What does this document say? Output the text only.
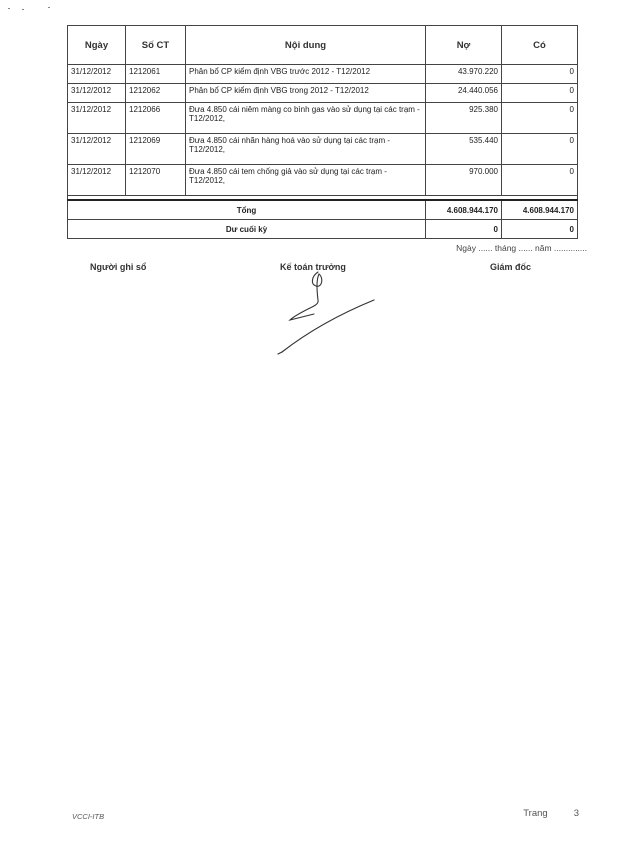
Ngày	Số CT	Nội dung	Nợ	Có
31/12/2012	1212061	Phân bổ CP kiểm định VBG trước 2012 - T12/2012	43.970.220	0
31/12/2012	1212062	Phân bổ CP kiểm định VBG trong 2012 - T12/2012	24.440.056	0
31/12/2012	1212066	Đưa 4.850 cái niêm màng co bình gas vào sử dụng tại các trạm - T12/2012,	925.380	0
31/12/2012	1212069	Đưa 4.850 cái nhãn hàng hoá vào sử dụng tại các trạm - T12/2012,	535.440	0
31/12/2012	1212070	Đưa 4.850 cái tem chống giả vào sử dụng tại các trạm - T12/2012,	970.000	0

Tổng			4.608.944.170	4.608.944.170
Dư cuối kỳ			0	0
Ngày ...... tháng ...... năm ..............
Người ghi sổ	Kế toán trưởng	Giám đốc
VCCI-ITB	Trang	3
